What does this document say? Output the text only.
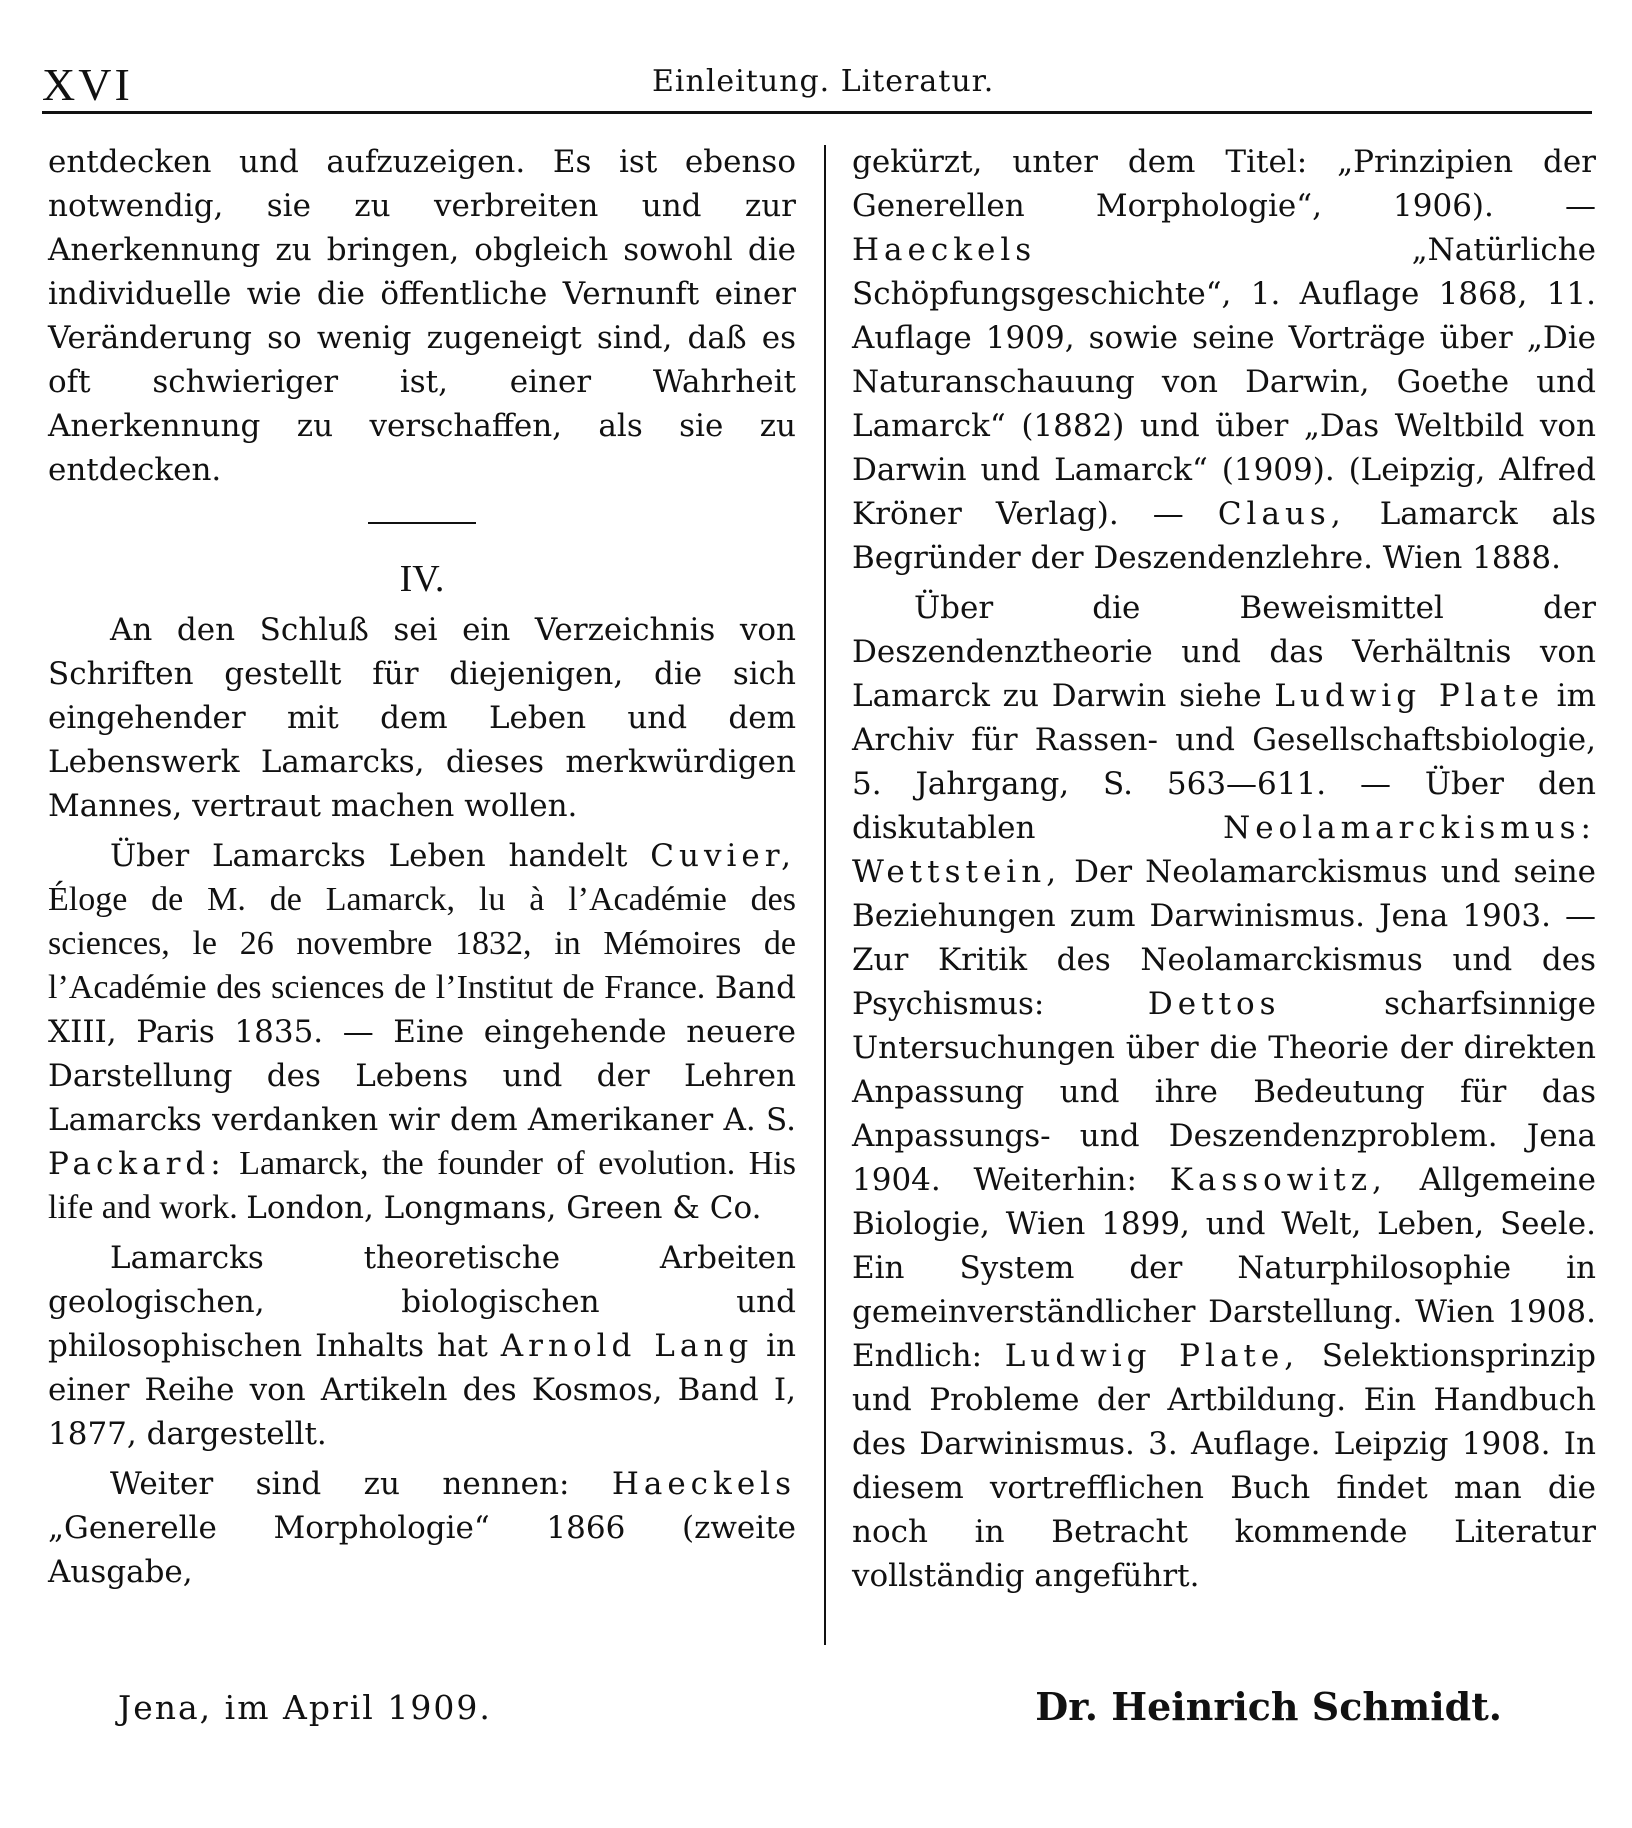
XVI	Einleitung. Literatur.

entdecken und aufzuzeigen. Es ist ebenso notwendig, sie zu verbreiten und zur Anerkennung zu bringen, obgleich sowohl die individuelle wie die öffentliche Vernunft einer Veränderung so wenig zugeneigt sind, daß es oft schwieriger ist, einer Wahrheit Anerkennung zu verschaffen, als sie zu entdecken.

IV.

An den Schluß sei ein Verzeichnis von Schriften gestellt für diejenigen, die sich eingehender mit dem Leben und dem Lebenswerk Lamarcks, dieses merkwürdigen Mannes, vertraut machen wollen.

Über Lamarcks Leben handelt Cuvier, Éloge de M. de Lamarck, lu à l’Académie des sciences, le 26 novembre 1832, in Mémoires de l’Académie des sciences de l’Institut de France. Band XIII, Paris 1835. — Eine eingehende neuere Darstellung des Lebens und der Lehren Lamarcks verdanken wir dem Amerikaner A. S. Packard: Lamarck, the founder of evolution. His life and work. London, Longmans, Green & Co.

Lamarcks theoretische Arbeiten geologischen, biologischen und philosophischen Inhalts hat Arnold Lang in einer Reihe von Artikeln des Kosmos, Band I, 1877, dargestellt.

Weiter sind zu nennen: Haeckels „Generelle Morphologie“ 1866 (zweite Ausgabe,

gekürzt, unter dem Titel: „Prinzipien der Generellen Morphologie“, 1906). — Haeckels „Natürliche Schöpfungsgeschichte“, 1. Auflage 1868, 11. Auflage 1909, sowie seine Vorträge über „Die Naturanschauung von Darwin, Goethe und Lamarck“ (1882) und über „Das Weltbild von Darwin und Lamarck“ (1909). (Leipzig, Alfred Kröner Verlag). — Claus, Lamarck als Begründer der Deszendenzlehre. Wien 1888.

Über die Beweismittel der Deszendenztheorie und das Verhältnis von Lamarck zu Darwin siehe Ludwig Plate im Archiv für Rassen- und Gesellschaftsbiologie, 5. Jahrgang, S. 563—611. — Über den diskutablen Neolamarckismus: Wettstein, Der Neolamarckismus und seine Beziehungen zum Darwinismus. Jena 1903. — Zur Kritik des Neolamarckismus und des Psychismus: Dettos scharfsinnige Untersuchungen über die Theorie der direkten Anpassung und ihre Bedeutung für das Anpassungs- und Deszendenzproblem. Jena 1904. Weiterhin: Kassowitz, Allgemeine Biologie, Wien 1899, und Welt, Leben, Seele. Ein System der Naturphilosophie in gemeinverständlicher Darstellung. Wien 1908. Endlich: Ludwig Plate, Selektionsprinzip und Probleme der Artbildung. Ein Handbuch des Darwinismus. 3. Auflage. Leipzig 1908. In diesem vortrefflichen Buch findet man die noch in Betracht kommende Literatur vollständig angeführt.

Jena, im April 1909.	Dr. Heinrich Schmidt.
